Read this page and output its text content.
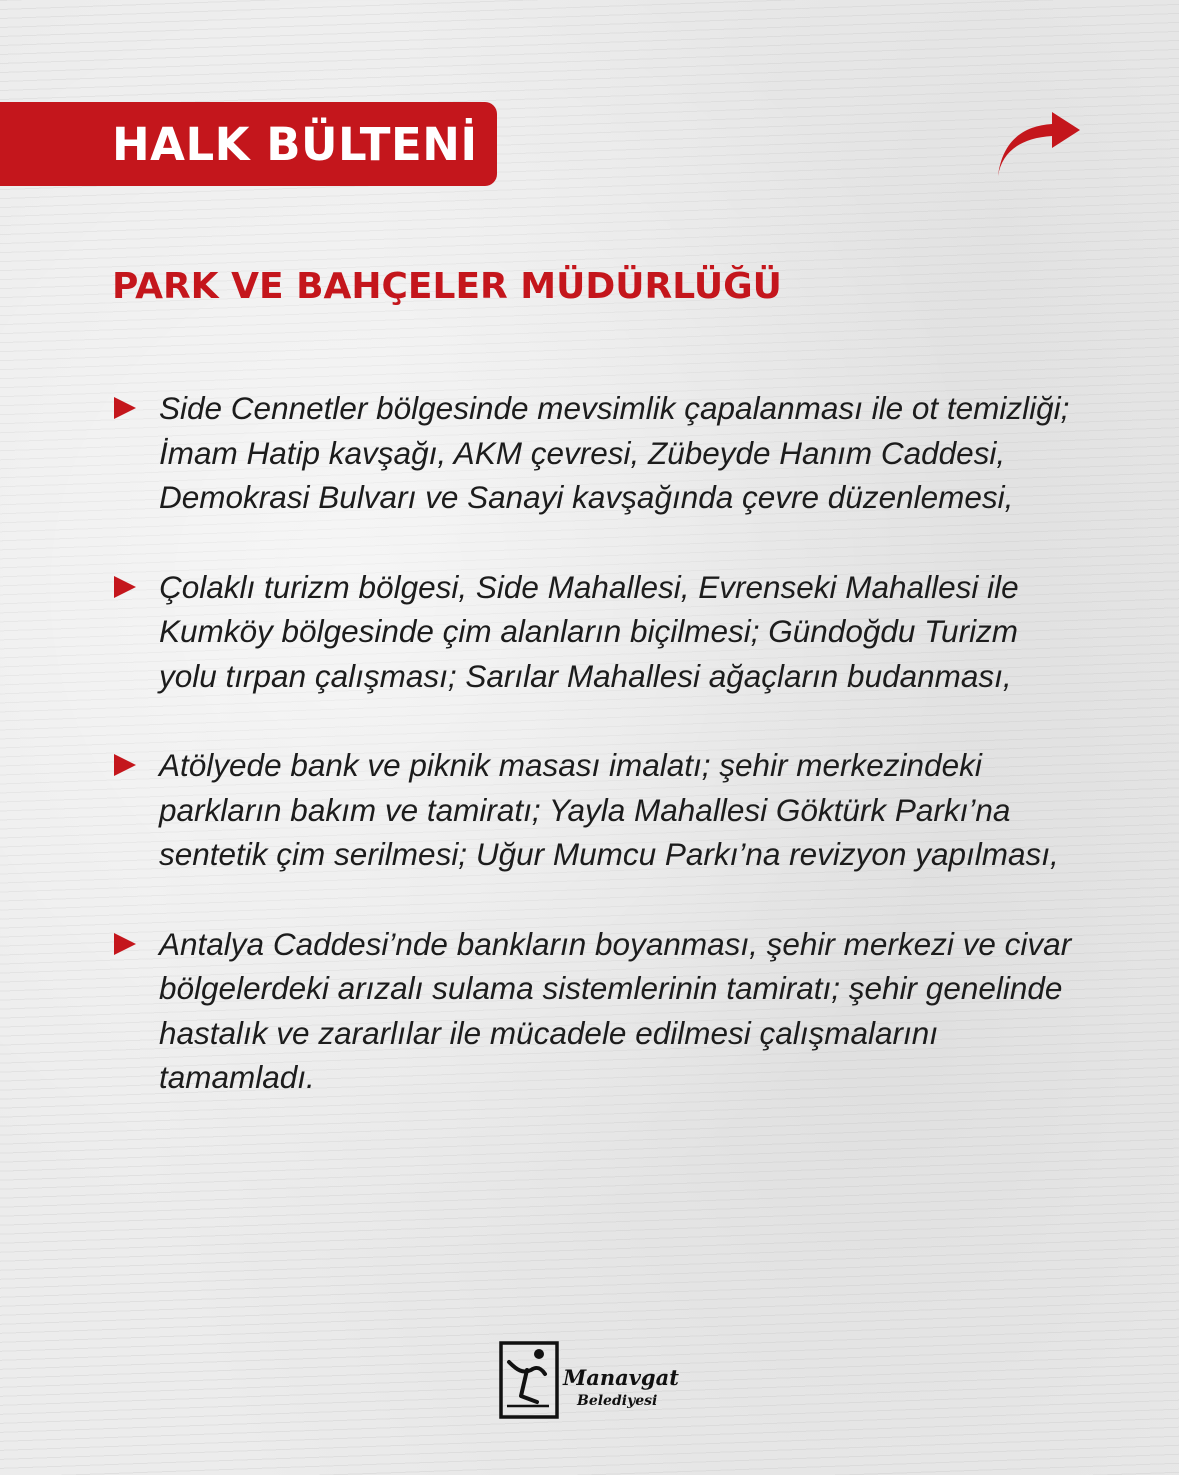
HALK BÜLTENİ
PARK VE BAHÇELER MÜDÜRLÜĞÜ
Side Cennetler bölgesinde mevsimlik çapalanması ile ot temizliği; İmam Hatip kavşağı, AKM çevresi, Zübeyde Hanım Caddesi, Demokrasi Bulvarı ve Sanayi kavşağında çevre düzenlemesi,
Çolaklı turizm bölgesi, Side Mahallesi, Evrenseki Mahallesi ile Kumköy bölgesinde çim alanların biçilmesi; Gündoğdu Turizm yolu tırpan çalışması; Sarılar Mahallesi ağaçların budanması,
Atölyede bank ve piknik masası imalatı; şehir merkezindeki parkların bakım ve tamiratı; Yayla Mahallesi Göktürk Parkı’na sentetik çim serilmesi; Uğur Mumcu Parkı’na revizyon yapılması,
Antalya Caddesi’nde bankların boyanması, şehir merkezi ve civar bölgelerdeki arızalı sulama sistemlerinin tamiratı; şehir genelinde hastalık ve zararlılar ile mücadele edilmesi çalışmalarını tamamladı.
Manavgat
Belediyesi
